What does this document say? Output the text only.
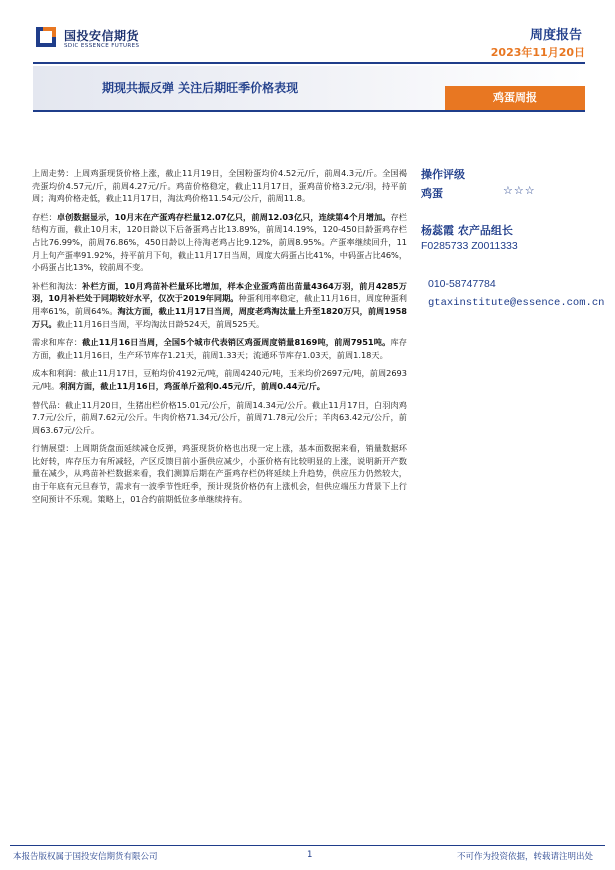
国投安信期货
SDIC ESSENCE FUTURES
周度报告
2023年11月20日
期现共振反弹 关注后期旺季价格表现
鸡蛋周报

上周走势：上周鸡蛋现货价格上涨，截止11月19日，全国粉蛋均价4.52元/斤，前周4.3元/斤。全国褐壳蛋均价4.57元/斤，前周4.27元/斤。鸡苗价格稳定，截止11月17日，蛋鸡苗价格3.2元/羽，持平前周；淘鸡价格走低，截止11月17日，淘汰鸡价格11.54元/公斤，前周11.8。

存栏：卓创数据显示，10月末在产蛋鸡存栏量12.07亿只，前周12.03亿只，连续第4个月增加。存栏结构方面，截止10月末，120日龄以下后备蛋鸡占比13.89%，前周14.19%，120-450日龄蛋鸡存栏占比76.99%，前周76.86%，450日龄以上待淘老鸡占比9.12%，前周8.95%。产蛋率继续回升，11月上旬产蛋率91.92%，持平前月下旬，截止11月17日当周，周度大码蛋占比41%，中码蛋占比46%，小码蛋占比13%，较前周不变。

补栏和淘汰：补栏方面，10月鸡苗补栏量环比增加，样本企业蛋鸡苗出苗量4364万羽，前月4285万羽，10月补栏处于同期较好水平，仅次于2019年同期。种蛋利用率稳定，截止11月16日，周度种蛋利用率61%，前周64%。淘汰方面，截止11月17日当周，周度老鸡淘汰量上升至1820万只，前周1958万只。截止11月16日当周，平均淘汰日龄524天，前周525天。

需求和库存：截止11月16日当周，全国5个城市代表销区鸡蛋周度销量8169吨，前周7951吨。库存方面，截止11月16日，生产环节库存1.21天，前周1.33天；流通环节库存1.03天，前周1.18天。

成本和利润：截止11月17日，豆粕均价4192元/吨，前周4240元/吨，玉米均价2697元/吨，前周2693元/吨。利润方面，截止11月16日，鸡蛋单斤盈利0.45元/斤，前周0.44元/斤。

替代品：截止11月20日，生猪出栏价格15.01元/公斤，前周14.34元/公斤。截止11月17日，白羽肉鸡7.7元/公斤，前周7.62元/公斤。牛肉价格71.34元/公斤，前周71.78元/公斤；羊肉63.42元/公斤，前周63.67元/公斤。

行情展望：上周期货盘面延续减仓反弹，鸡蛋现货价格也出现一定上涨，基本面数据来看，销量数据环比好转，库存压力有所减轻，产区反馈目前小蛋供应减少，小蛋价格有比较明显的上涨，说明新开产数量在减少，从鸡苗补栏数据来看，我们测算后期在产蛋鸡存栏仍将延续上升趋势，供应压力仍然较大，由于年底有元旦春节，需求有一波季节性旺季，预计现货价格仍有上涨机会，但供应端压力背景下上行空间预计不乐观。策略上，01合约前期低位多单继续持有。

操作评级
鸡蛋	☆☆☆
杨蕊霞 农产品组长
F0285733 Z0011333
010-58747784
gtaxinstitute@essence.com.cn
本报告版权属于国投安信期货有限公司	1	不可作为投资依据，转载请注明出处
